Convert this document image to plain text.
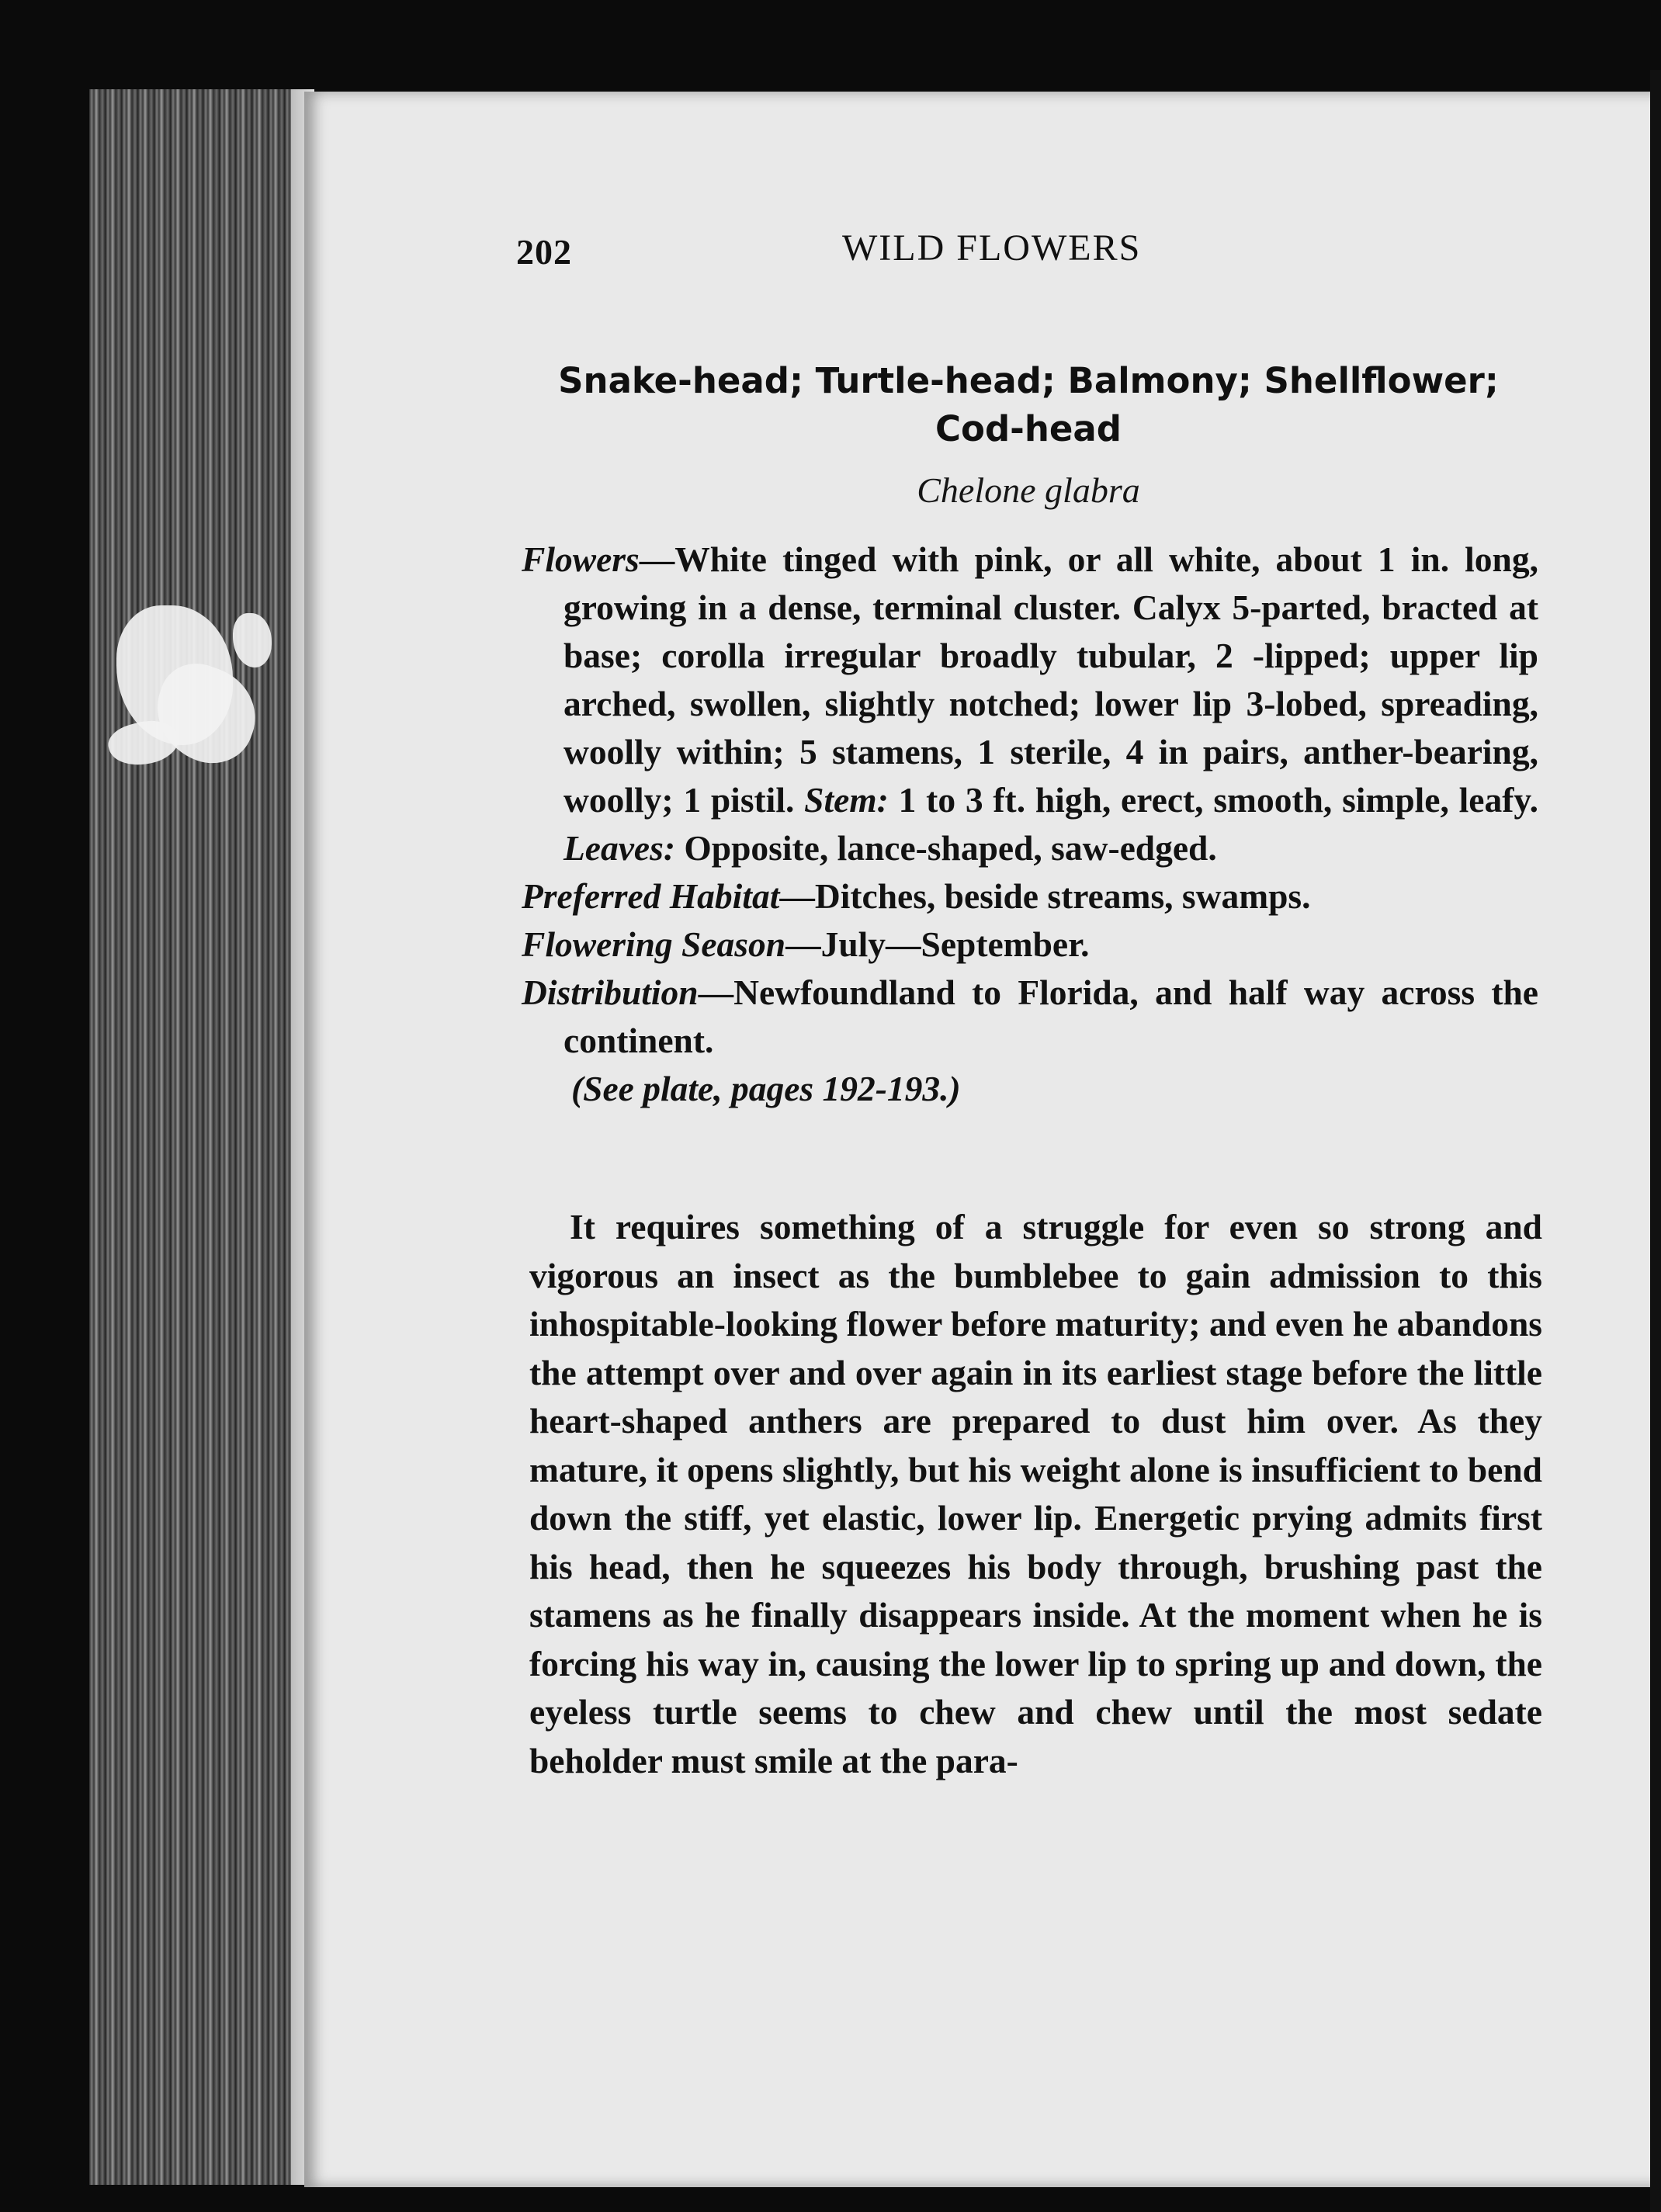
202	WILD FLOWERS
Snake-head; Turtle-head; Balmony; Shellflower;
Cod-head
Chelone glabra

Flowers—White tinged with pink, or all white, about 1 in. long, growing in a dense, terminal cluster. Calyx 5-parted, bracted at base; corolla irregular broadly tubular, 2 -lipped; upper lip arched, swollen, slightly notched; lower lip 3-lobed, spreading, woolly within; 5 stamens, 1 sterile, 4 in pairs, anther-bearing, woolly; 1 pistil. Stem: 1 to 3 ft. high, erect, smooth, simple, leafy. Leaves: Opposite, lance-shaped, saw-edged.

Preferred Habitat—Ditches, beside streams, swamps.

Flowering Season—July—September.

Distribution—Newfoundland to Florida, and half way across the continent.

(See plate, pages 192-193.)

It requires something of a struggle for even so strong and vigorous an insect as the bumblebee to gain admission to this inhospitable-looking flower before maturity; and even he abandons the attempt over and over again in its earliest stage before the little heart-shaped anthers are prepared to dust him over. As they mature, it opens slightly, but his weight alone is insufficient to bend down the stiff, yet elastic, lower lip. Energetic prying admits first his head, then he squeezes his body through, brushing past the stamens as he finally disappears inside. At the moment when he is forcing his way in, causing the lower lip to spring up and down, the eyeless turtle seems to chew and chew until the most sedate beholder must smile at the para-
